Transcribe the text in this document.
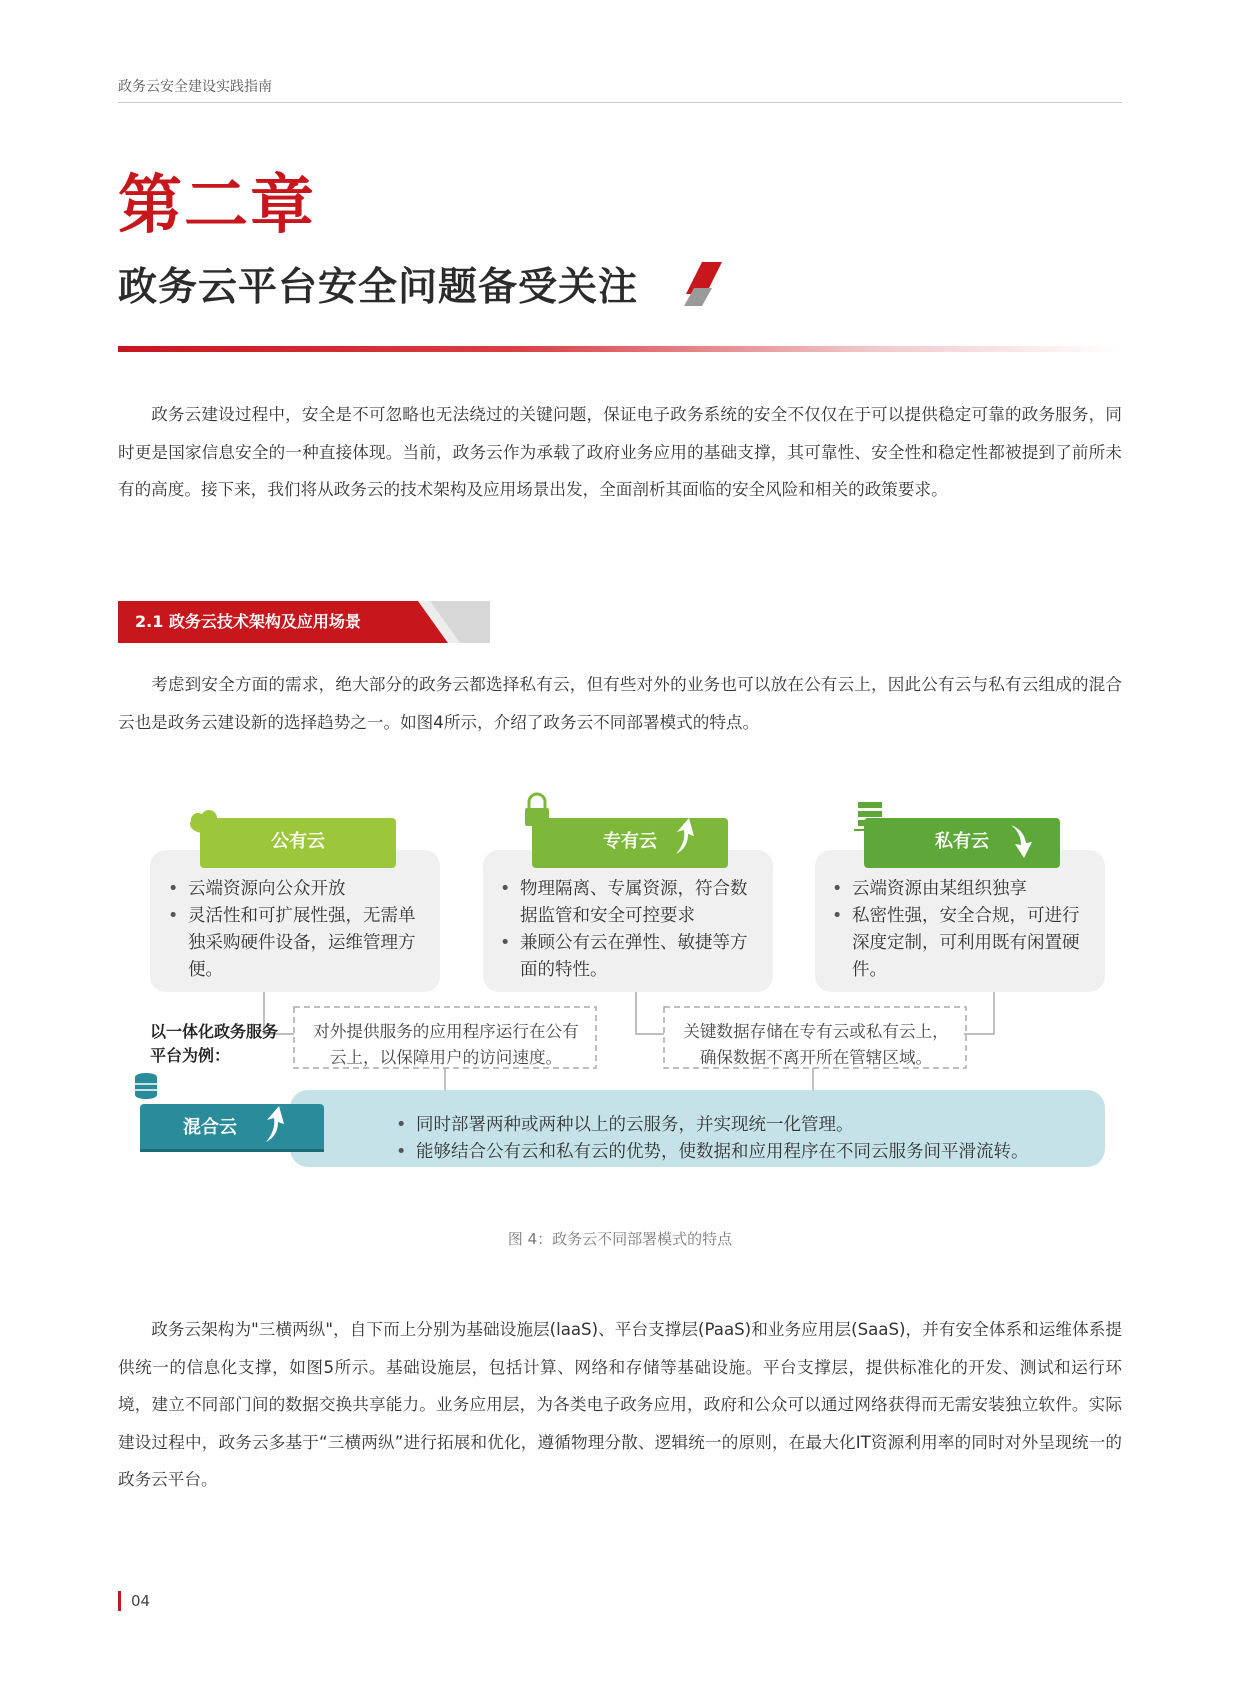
政务云安全建设实践指南
第二章
政务云平台安全问题备受关注

政务云建设过程中，安全是不可忽略也无法绕过的关键问题，保证电子政务系统的安全不仅仅在于可以提供稳定可靠的政务服务，同时更是国家信息安全的一种直接体现。当前，政务云作为承载了政府业务应用的基础支撑，其可靠性、安全性和稳定性都被提到了前所未有的高度。接下来，我们将从政务云的技术架构及应用场景出发，全面剖析其面临的安全风险和相关的政策要求。

2.1 政务云技术架构及应用场景

考虑到安全方面的需求，绝大部分的政务云都选择私有云，但有些对外的业务也可以放在公有云上，因此公有云与私有云组成的混合云也是政务云建设新的选择趋势之一。如图4所示，介绍了政务云不同部署模式的特点。

公有云	专有云	私有云
• 云端资源向公众开放
• 灵活性和可扩展性强，无需单独采购硬件设备，运维管理方便。
• 物理隔离、专属资源，符合数据监管和安全可控要求
• 兼顾公有云在弹性、敏捷等方面的特性。
• 云端资源由某组织独享
• 私密性强，安全合规，可进行深度定制，可利用既有闲置硬件。
对外提供服务的应用程序运行在公有云上，以保障用户的访问速度。
关键数据存储在专有云或私有云上，确保数据不离开所在管辖区域。
以一体化政务服务平台为例：
混合云
•	同时部署两种或两种以上的云服务，并实现统一化管理。
• 能够结合公有云和私有云的优势，使数据和应用程序在不同云服务间平滑流转。
图 4：政务云不同部署模式的特点

政务云架构为"三横两纵"，自下而上分别为基础设施层(laaS)、平台支撑层(PaaS)和业务应用层(SaaS)，并有安全体系和运维体系提供统一的信息化支撑，如图5所示。基础设施层，包括计算、网络和存储等基础设施。平台支撑层，提供标准化的开发、测试和运行环境，建立不同部门间的数据交换共享能力。业务应用层，为各类电子政务应用，政府和公众可以通过网络获得而无需安装独立软件。实际建设过程中，政务云多基于“三横两纵”进行拓展和优化，遵循物理分散、逻辑统一的原则，在最大化IT资源利用率的同时对外呈现统一的政务云平台。

04
